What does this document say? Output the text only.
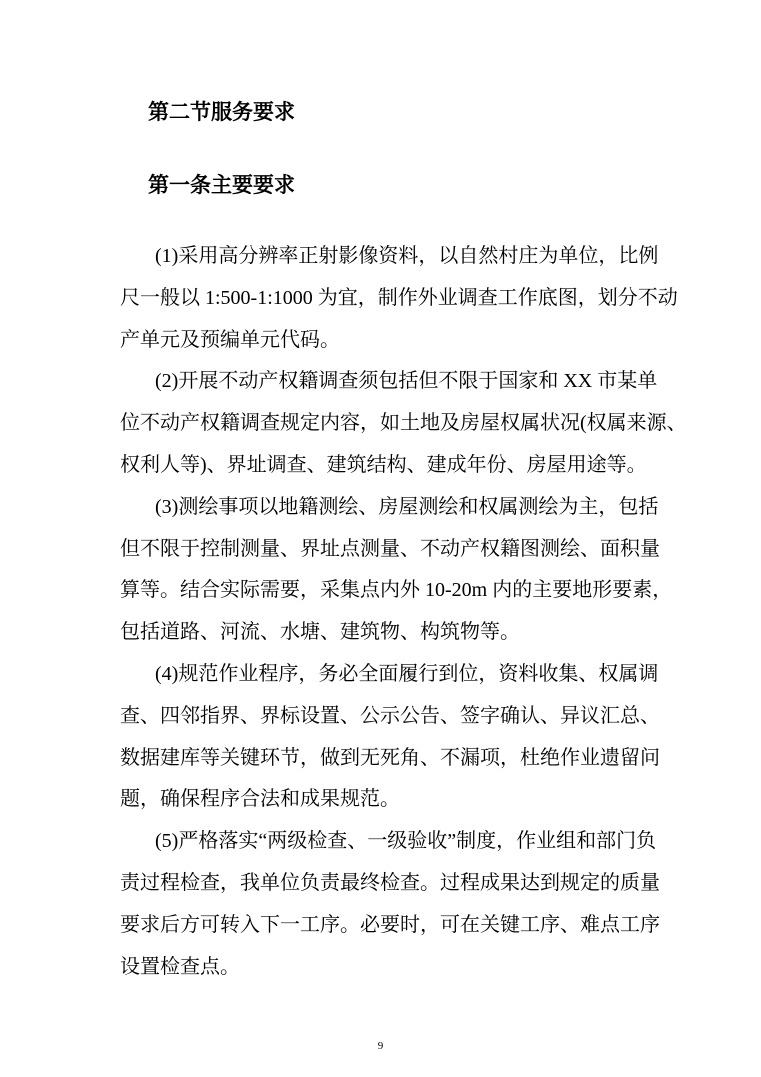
第二节服务要求
第一条主要要求
(1)采用高分辨率正射影像资料，以自然村庄为单位，比例
尺一般以 1:500-1:1000 为宜，制作外业调查工作底图，划分不动
产单元及预编单元代码。
(2)开展不动产权籍调查须包括但不限于国家和 XX 市某单
位不动产权籍调查规定内容，如土地及房屋权属状况(权属来源、
权利人等)、界址调查、建筑结构、建成年份、房屋用途等。
(3)测绘事项以地籍测绘、房屋测绘和权属测绘为主，包括
但不限于控制测量、界址点测量、不动产权籍图测绘、面积量
算等。结合实际需要，采集点内外 10-20m 内的主要地形要素，
包括道路、河流、水塘、建筑物、构筑物等。
(4)规范作业程序，务必全面履行到位，资料收集、权属调
查、四邻指界、界标设置、公示公告、签字确认、异议汇总、
数据建库等关键环节，做到无死角、不漏项，杜绝作业遗留问
题，确保程序合法和成果规范。
(5)严格落实“两级检查、一级验收”制度，作业组和部门负
责过程检查，我单位负责最终检查。过程成果达到规定的质量
要求后方可转入下一工序。必要时，可在关键工序、难点工序
设置检查点。
9
